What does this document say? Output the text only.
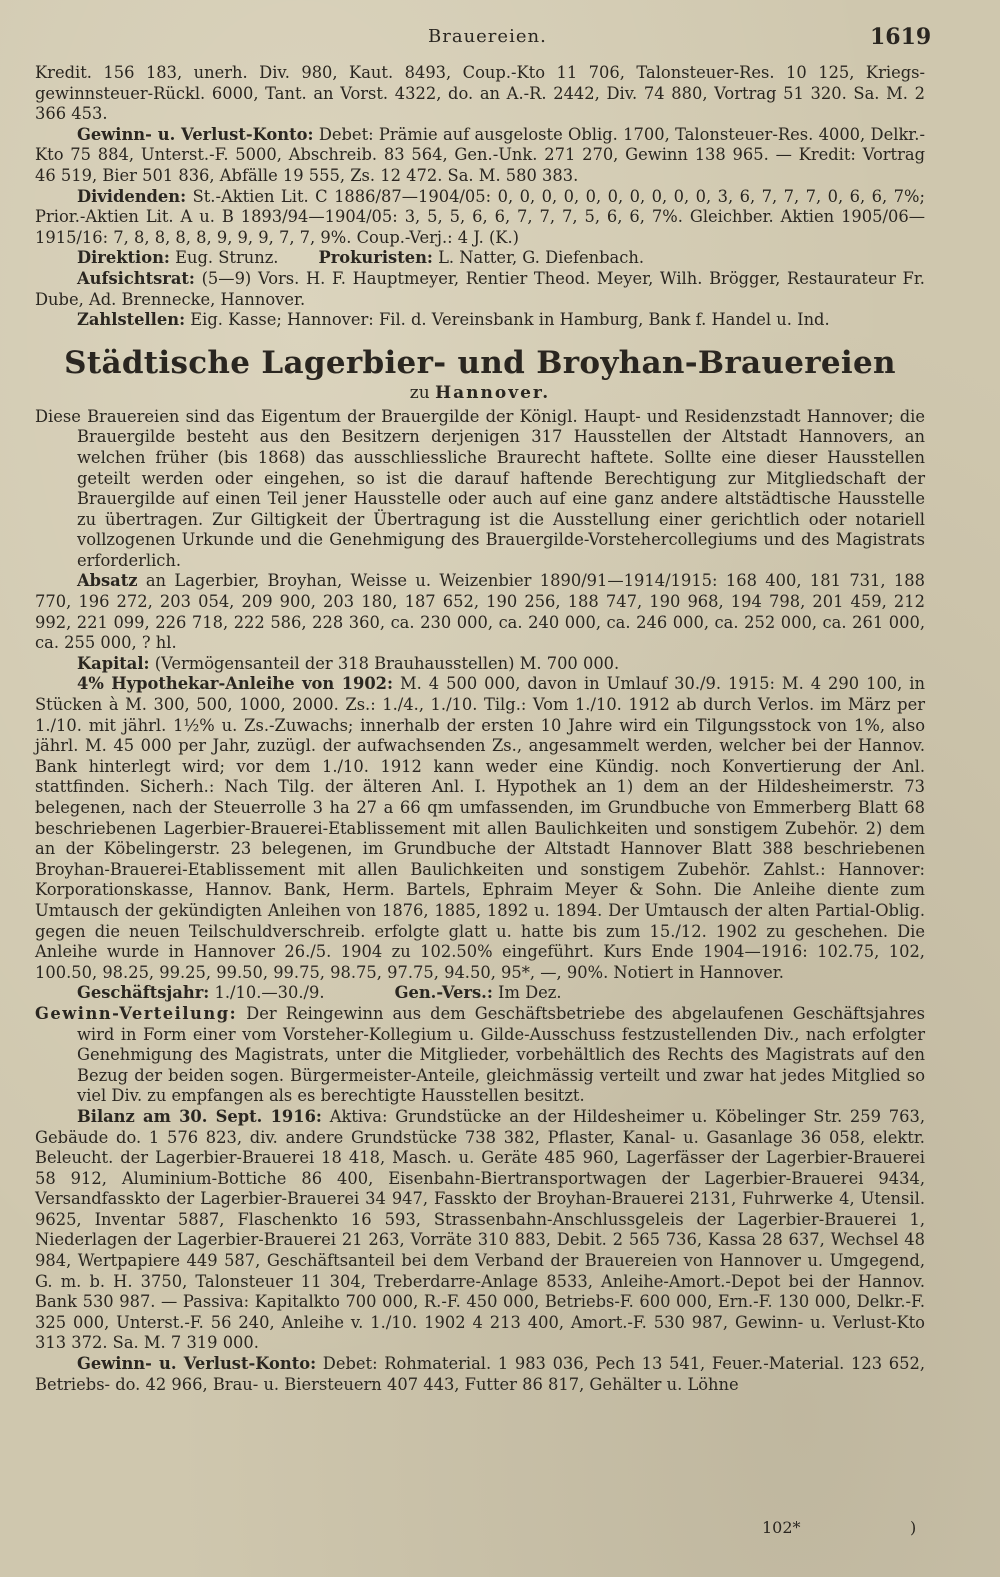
Brauereien.	1619

Kredit. 156 183, unerh. Div. 980, Kaut. 8493, Coup.-Kto 11 706, Talonsteuer-Res. 10 125, Kriegs-gewinnsteuer-Rückl. 6000, Tant. an Vorst. 4322, do. an A.-R. 2442, Div. 74 880, Vortrag 51 320. Sa. M. 2 366 453.

Gewinn- u. Verlust-Konto: Debet: Prämie auf ausgeloste Oblig. 1700, Talonsteuer-Res. 4000, Delkr.-Kto 75 884, Unterst.-F. 5000, Abschreib. 83 564, Gen.-Unk. 271 270, Gewinn 138 965. — Kredit: Vortrag 46 519, Bier 501 836, Abfälle 19 555, Zs. 12 472. Sa. M. 580 383.

Dividenden: St.-Aktien Lit. C 1886/87—1904/05: 0, 0, 0, 0, 0, 0, 0, 0, 0, 0, 3, 6, 7, 7, 7, 0, 6, 6, 7%; Prior.-Aktien Lit. A u. B 1893/94—1904/05: 3, 5, 5, 6, 6, 7, 7, 7, 5, 6, 6, 7%. Gleichber. Aktien 1905/06—1915/16: 7, 8, 8, 8, 8, 9, 9, 9, 7, 7, 9%. Coup.-Verj.: 4 J. (K.)

Direktion: Eug. Strunz. Prokuristen: L. Natter, G. Diefenbach.

Aufsichtsrat: (5—9) Vors. H. F. Hauptmeyer, Rentier Theod. Meyer, Wilh. Brögger, Restaurateur Fr. Dube, Ad. Brennecke, Hannover.

Zahlstellen: Eig. Kasse; Hannover: Fil. d. Vereinsbank in Hamburg, Bank f. Handel u. Ind.

Städtische Lagerbier- und Broyhan-Brauereien
zu Hannover.

Diese Brauereien sind das Eigentum der Brauergilde der Königl. Haupt- und Residenzstadt Hannover; die Brauergilde besteht aus den Besitzern derjenigen 317 Hausstellen der Altstadt Hannovers, an welchen früher (bis 1868) das ausschliessliche Braurecht haftete. Sollte eine dieser Hausstellen geteilt werden oder eingehen, so ist die darauf haftende Berechtigung zur Mitgliedschaft der Brauergilde auf einen Teil jener Hausstelle oder auch auf eine ganz andere altstädtische Hausstelle zu übertragen. Zur Giltigkeit der Übertragung ist die Ausstellung einer gerichtlich oder notariell vollzogenen Urkunde und die Genehmigung des Brauergilde-Vorstehercollegiums und des Magistrats erforderlich.

Absatz an Lagerbier, Broyhan, Weisse u. Weizenbier 1890/91—1914/1915: 168 400, 181 731, 188 770, 196 272, 203 054, 209 900, 203 180, 187 652, 190 256, 188 747, 190 968, 194 798, 201 459, 212 992, 221 099, 226 718, 222 586, 228 360, ca. 230 000, ca. 240 000, ca. 246 000, ca. 252 000, ca. 261 000, ca. 255 000, ? hl.

Kapital: (Vermögensanteil der 318 Brauhausstellen) M. 700 000.

4% Hypothekar-Anleihe von 1902: M. 4 500 000, davon in Umlauf 30./9. 1915: M. 4 290 100, in Stücken à M. 300, 500, 1000, 2000. Zs.: 1./4., 1./10. Tilg.: Vom 1./10. 1912 ab durch Verlos. im März per 1./10. mit jährl. 1½% u. Zs.-Zuwachs; innerhalb der ersten 10 Jahre wird ein Tilgungsstock von 1%, also jährl. M. 45 000 per Jahr, zuzügl. der aufwachsenden Zs., angesammelt werden, welcher bei der Hannov. Bank hinterlegt wird; vor dem 1./10. 1912 kann weder eine Kündig. noch Konvertierung der Anl. stattfinden. Sicherh.: Nach Tilg. der älteren Anl. I. Hypothek an 1) dem an der Hildesheimerstr. 73 belegenen, nach der Steuerrolle 3 ha 27 a 66 qm umfassenden, im Grundbuche von Emmerberg Blatt 68 beschriebenen Lagerbier-Brauerei-Etablissement mit allen Baulichkeiten und sonstigem Zubehör. 2) dem an der Köbelingerstr. 23 belegenen, im Grundbuche der Altstadt Hannover Blatt 388 beschriebenen Broyhan-Brauerei-Etablissement mit allen Baulichkeiten und sonstigem Zubehör. Zahlst.: Hannover: Korporationskasse, Hannov. Bank, Herm. Bartels, Ephraim Meyer & Sohn. Die Anleihe diente zum Umtausch der gekündigten Anleihen von 1876, 1885, 1892 u. 1894. Der Umtausch der alten Partial-Oblig. gegen die neuen Teilschuldverschreib. erfolgte glatt u. hatte bis zum 15./12. 1902 zu geschehen. Die Anleihe wurde in Hannover 26./5. 1904 zu 102.50% eingeführt. Kurs Ende 1904—1916: 102.75, 102, 100.50, 98.25, 99.25, 99.50, 99.75, 98.75, 97.75, 94.50, 95*, —, 90%. Notiert in Hannover.

Geschäftsjahr: 1./10.—30./9.	Gen.-Vers.: Im Dez.

Gewinn-Verteilung: Der Reingewinn aus dem Geschäftsbetriebe des abgelaufenen Geschäftsjahres wird in Form einer vom Vorsteher-Kollegium u. Gilde-Ausschuss festzustellenden Div., nach erfolgter Genehmigung des Magistrats, unter die Mitglieder, vorbehältlich des Rechts des Magistrats auf den Bezug der beiden sogen. Bürgermeister-Anteile, gleichmässig verteilt und zwar hat jedes Mitglied so viel Div. zu empfangen als es berechtigte Hausstellen besitzt.

Bilanz am 30. Sept. 1916: Aktiva: Grundstücke an der Hildesheimer u. Köbelinger Str. 259 763, Gebäude do. 1 576 823, div. andere Grundstücke 738 382, Pflaster, Kanal- u. Gasanlage 36 058, elektr. Beleucht. der Lagerbier-Brauerei 18 418, Masch. u. Geräte 485 960, Lagerfässer der Lagerbier-Brauerei 58 912, Aluminium-Bottiche 86 400, Eisenbahn-Biertransportwagen der Lagerbier-Brauerei 9434, Versandfasskto der Lagerbier-Brauerei 34 947, Fasskto der Broyhan-Brauerei 2131, Fuhrwerke 4, Utensil. 9625, Inventar 5887, Flaschenkto 16 593, Strassenbahn-Anschlussgeleis der Lagerbier-Brauerei 1, Niederlagen der Lagerbier-Brauerei 21 263, Vorräte 310 883, Debit. 2 565 736, Kassa 28 637, Wechsel 48 984, Wertpapiere 449 587, Geschäftsanteil bei dem Verband der Brauereien von Hannover u. Umgegend, G. m. b. H. 3750, Talonsteuer 11 304, Treberdarre-Anlage 8533, Anleihe-Amort.-Depot bei der Hannov. Bank 530 987. — Passiva: Kapitalkto 700 000, R.-F. 450 000, Betriebs-F. 600 000, Ern.-F. 130 000, Delkr.-F. 325 000, Unterst.-F. 56 240, Anleihe v. 1./10. 1902 4 213 400, Amort.-F. 530 987, Gewinn- u. Verlust-Kto 313 372. Sa. M. 7 319 000.

Gewinn- u. Verlust-Konto: Debet: Rohmaterial. 1 983 036, Pech 13 541, Feuer.-Material. 123 652, Betriebs- do. 42 966, Brau- u. Biersteuern 407 443, Futter 86 817, Gehälter u. Löhne

102*	)
